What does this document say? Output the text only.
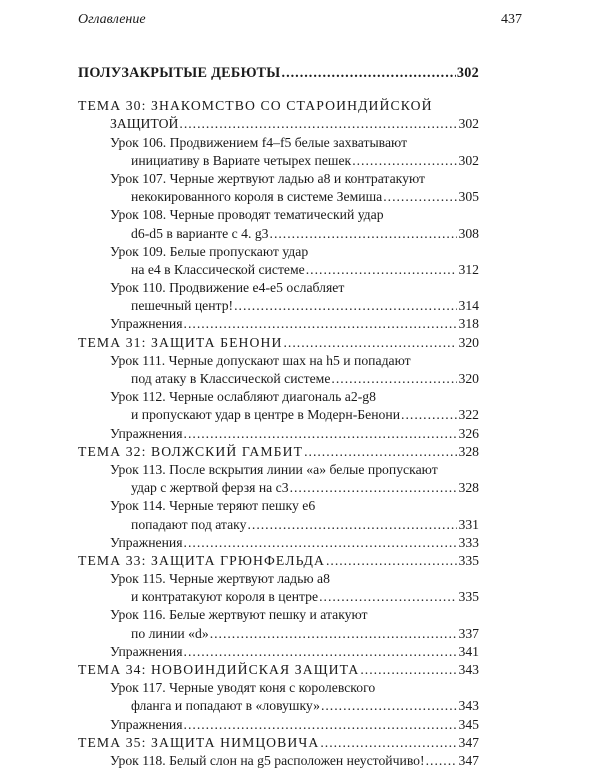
Оглавление	437
ПОЛУЗАКРЫТЫЕ ДЕБЮТЫ .....	302
ТЕМА 30: ЗНАКОМСТВО СО СТАРОИНДИЙСКОЙ
ЗАЩИТОЙ .....	302
Урок 106. Продвижением f4–f5 белые захватывают
инициативу в Вариате четырех пешек .....	302
Урок 107. Черные жертвуют ладью a8 и контратакуют
некокированного короля в системе Земиша .....	305
Урок 108. Черные проводят тематический удар
d6-d5 в варианте с 4. g3 .....	308
Урок 109. Белые пропускают удар
на e4 в Классической системе .....	312
Урок 110. Продвижение e4-e5 ослабляет
пешечный центр! .....	314
Упражнения .....	318
ТЕМА 31: ЗАЩИТА БЕНОНИ .....	320
Урок 111. Черные допускают шах на h5 и попадают
под атаку в Классической системе .....	320
Урок 112. Черные ослабляют диагональ a2-g8
и пропускают удар в центре в Модерн-Бенони .....	322
Упражнения .....	326
ТЕМА 32: ВОЛЖСКИЙ ГАМБИТ .....	328
Урок 113. После вскрытия линии «a» белые пропускают
удар с жертвой ферзя на c3 .....	328
Урок 114. Черные теряют пешку e6
попадают под атаку .....	331
Упражнения .....	333
ТЕМА 33: ЗАЩИТА ГРЮНФЕЛЬДА .....	335
Урок 115. Черные жертвуют ладью a8
и контратакуют короля в центре .....	335
Урок 116. Белые жертвуют пешку и атакуют
по линии «d» .....	337
Упражнения .....	341
ТЕМА 34: НОВОИНДИЙСКАЯ ЗАЩИТА .....	343
Урок 117. Черные уводят коня с королевского
фланга и попадают в «ловушку» .....	343
Упражнения .....	345
ТЕМА 35: ЗАЩИТА НИМЦОВИЧА .....	347
Урок 118. Белый слон на g5 расположен неустойчиво! ..... 347
